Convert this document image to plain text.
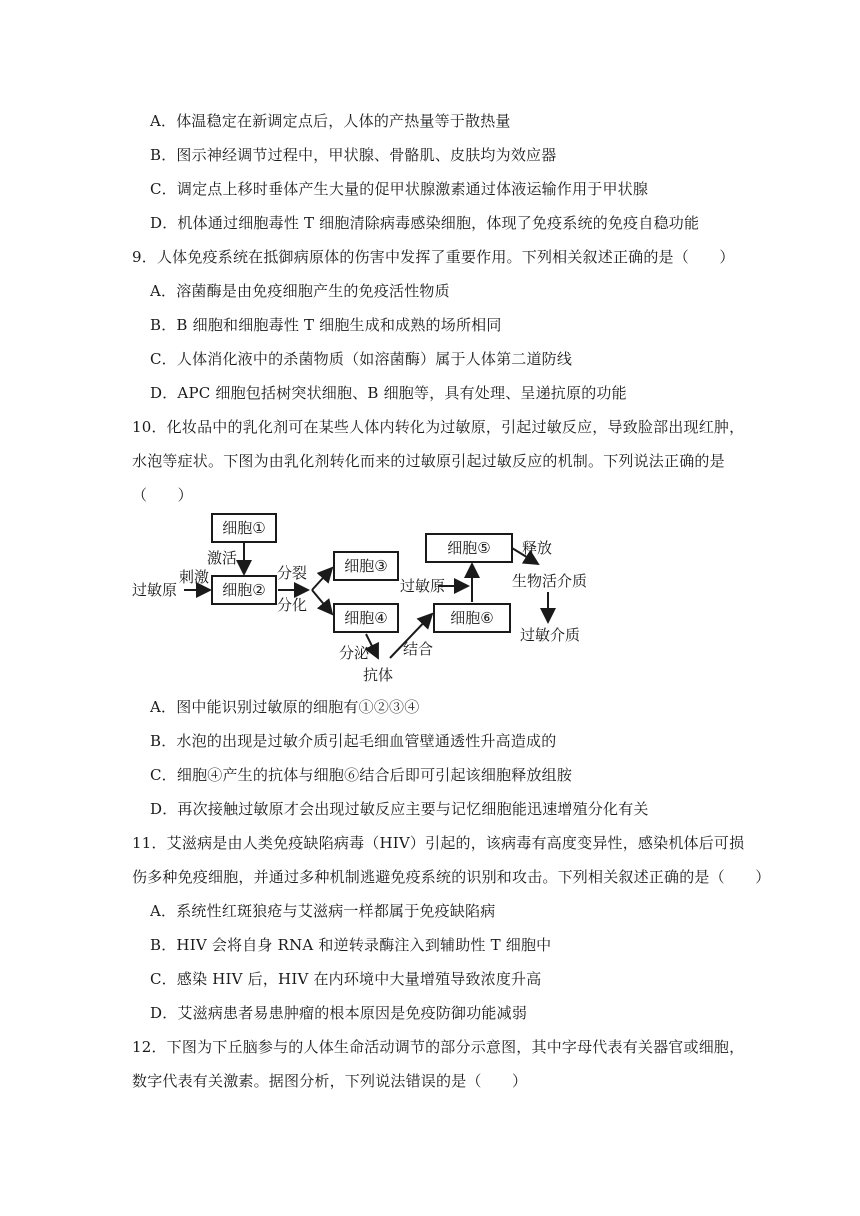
A．体温稳定在新调定点后，人体的产热量等于散热量
B．图示神经调节过程中，甲状腺、骨骼肌、皮肤均为效应器
C．调定点上移时垂体产生大量的促甲状腺激素通过体液运输作用于甲状腺
D．机体通过细胞毒性 T 细胞清除病毒感染细胞，体现了免疫系统的免疫自稳功能
9．人体免疫系统在抵御病原体的伤害中发挥了重要作用。下列相关叙述正确的是（　　）
A．溶菌酶是由免疫细胞产生的免疫活性物质
B．B 细胞和细胞毒性 T 细胞生成和成熟的场所相同
C．人体消化液中的杀菌物质（如溶菌酶）属于人体第二道防线
D．APC 细胞包括树突状细胞、B 细胞等，具有处理、呈递抗原的功能
10．化妆品中的乳化剂可在某些人体内转化为过敏原，引起过敏反应，导致脸部出现红肿，
水泡等症状。下图为由乳化剂转化而来的过敏原引起过敏反应的机制。下列说法正确的是
（　　）
细胞①
细胞②
细胞③
细胞④
细胞⑤
细胞⑥
过敏原
激活
刺激	分裂
分化
分泌
抗体
结合
过敏原
释放
生物活介质
过敏介质
A．图中能识别过敏原的细胞有①②③④
B．水泡的出现是过敏介质引起毛细血管壁通透性升高造成的
C．细胞④产生的抗体与细胞⑥结合后即可引起该细胞释放组胺
D．再次接触过敏原才会出现过敏反应主要与记忆细胞能迅速增殖分化有关
11．艾滋病是由人类免疫缺陷病毒（HIV）引起的，该病毒有高度变异性，感染机体后可损
伤多种免疫细胞，并通过多种机制逃避免疫系统的识别和攻击。下列相关叙述正确的是（　　）
A．系统性红斑狼疮与艾滋病一样都属于免疫缺陷病
B．HIV 会将自身 RNA 和逆转录酶注入到辅助性 T 细胞中
C．感染 HIV 后，HIV 在内环境中大量增殖导致浓度升高
D．艾滋病患者易患肿瘤的根本原因是免疫防御功能减弱
12．下图为下丘脑参与的人体生命活动调节的部分示意图，其中字母代表有关器官或细胞，
数字代表有关激素。据图分析，下列说法错误的是（　　）
